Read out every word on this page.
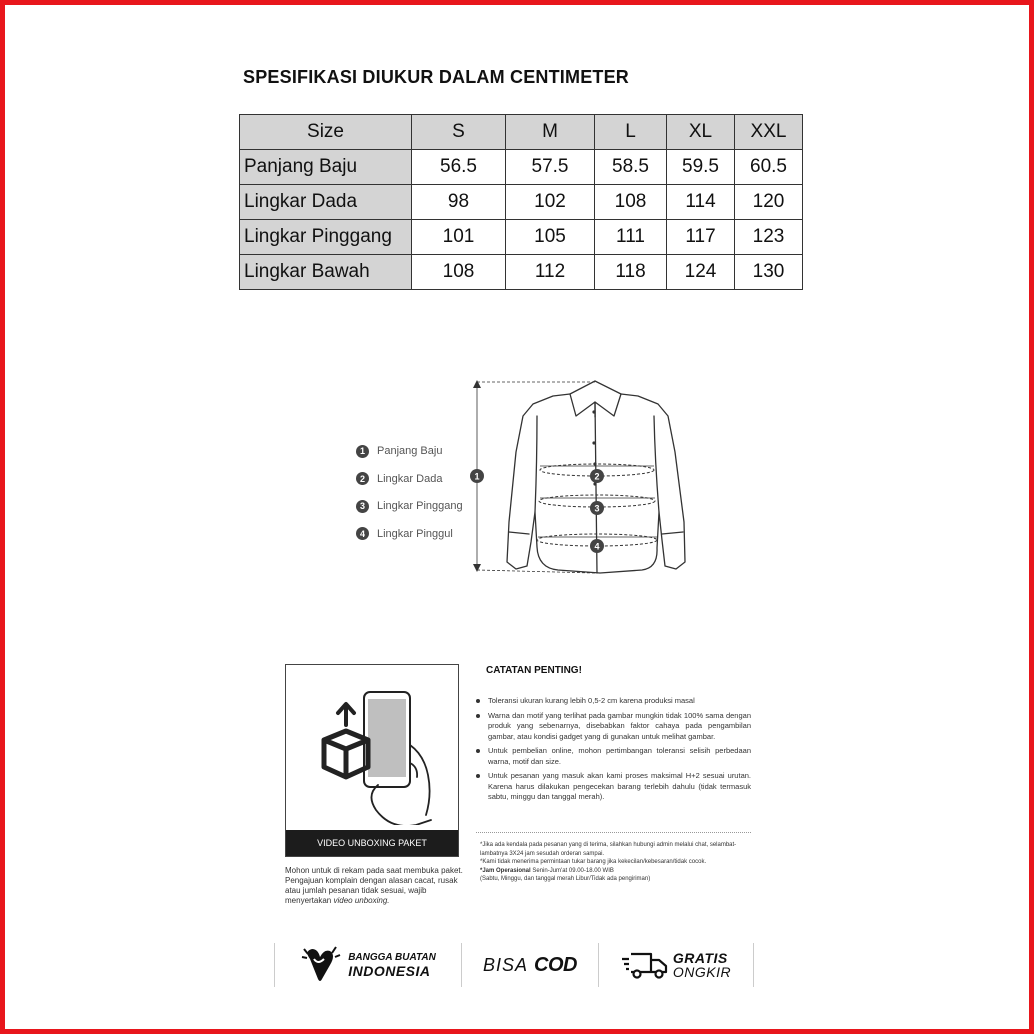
SPESIFIKASI DIUKUR DALAM CENTIMETER
Size	S	M	L	XL	XXL
Panjang Baju	56.5	57.5	58.5	59.5	60.5
Lingkar Dada	98	102	108	114	120
Lingkar Pinggang	101	105	111	117	123
Lingkar Bawah	108	112	118	124	130
1	Panjang Baju
2	Lingkar Dada
3	Lingkar Pinggang
4	Lingkar Pinggul
1	2
3
4
VIDEO UNBOXING PAKET
Mohon untuk di rekam pada saat membuka paket. Pengajuan komplain dengan alasan cacat, rusak atau jumlah pesanan tidak sesuai, wajib menyertakan video unboxing.

CATATAN PENTING!

Toleransi ukuran kurang lebih 0,5-2 cm karena produksi masal
Warna dan motif yang terlihat pada gambar mungkin tidak 100% sama dengan produk yang sebenarnya, disebabkan faktor cahaya pada pengambilan gambar, atau kondisi gadget yang di gunakan untuk melihat gambar.
Untuk pembelian online, mohon pertimbangan toleransi selisih perbedaan warna, motif dan size.
Untuk pesanan yang masuk akan kami proses maksimal H+2 sesuai urutan. Karena harus dilakukan pengecekan barang terlebih dahulu (tidak termasuk sabtu, minggu dan tanggal merah).
*Jika ada kendala pada pesanan yang di terima, silahkan hubungi admin melalui chat, selambat-lambatnya 3X24 jam sesudah orderan sampai.
*Kami tidak menerima permintaan tukar barang jika kekecilan/kebesaran/tidak cocok.
*Jam Operasional Senin-Jum'at 09.00-18.00 WIB
(Sabtu, Minggu, dan tanggal merah Libur/Tidak ada pengiriman)
BANGGA BUATAN
INDONESIA	BISA COD	GRATIS
ONGKIR
